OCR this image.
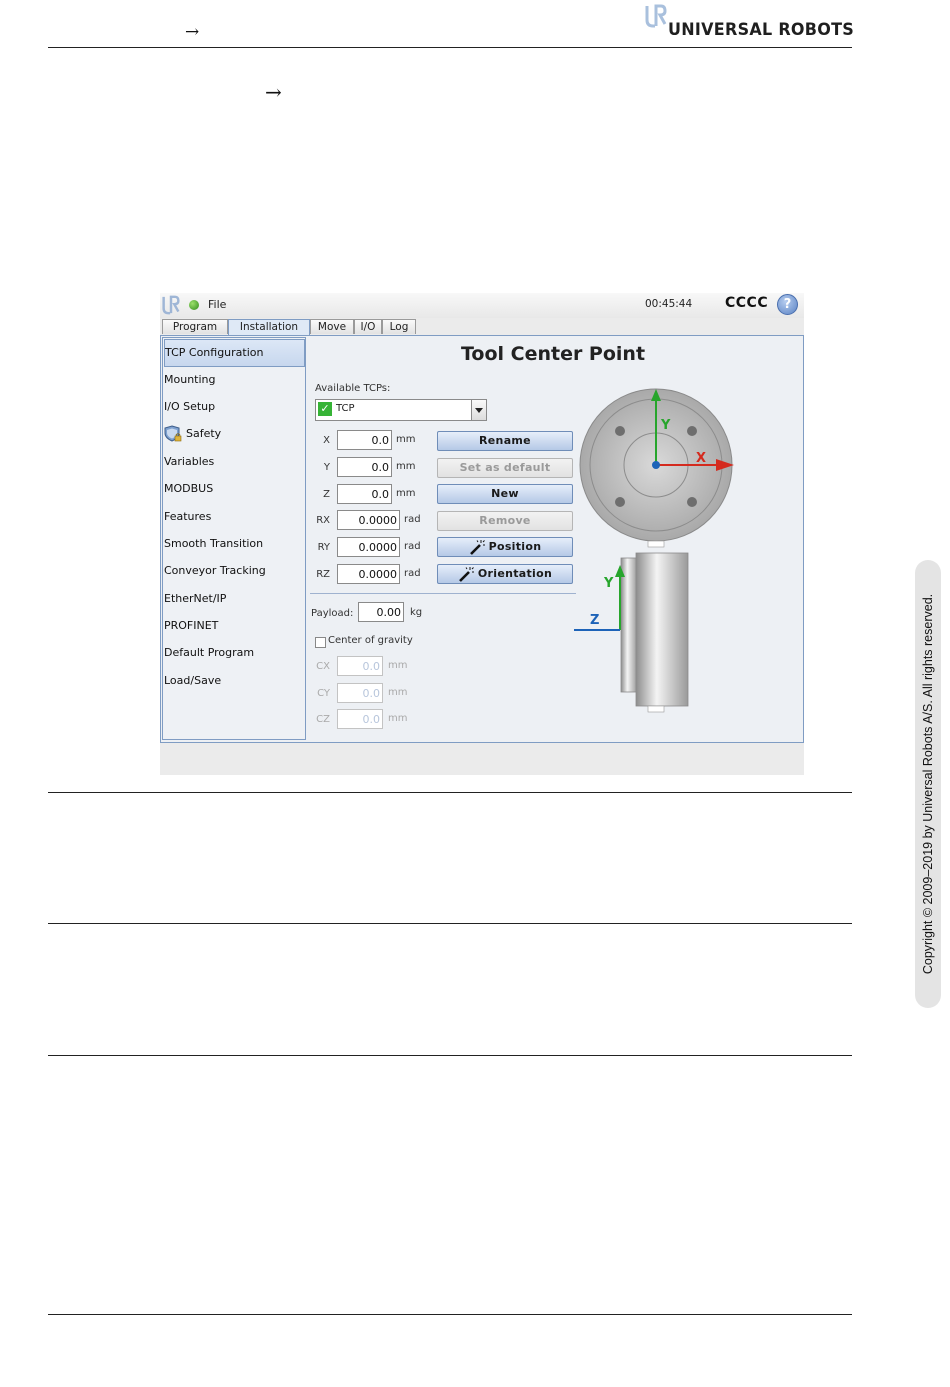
→	UNIVERSAL ROBOTS
→
Copyright © 2009–2019 by Universal Robots A/S. All rights reserved.
File	00:45:44 CCCC	?
Program	Installation	Move	I/O	Log
TCP Configuration
Mounting
I/O Setup
Safety
Variables
MODBUS
Features
Smooth Transition
Conveyor Tracking
EtherNet/IP
PROFINET
Default Program
Load/Save
Tool Center Point
Available TCPs:
✓ TCP
X	0.0 mm
Y	0.0 mm
Z	0.0 mm
RX	0.0000 rad
RY	0.0000 rad
RZ	0.0000 rad
Rename
Set as default
New
Remove
Position
Orientation
Payload:	0.00 kg
Center of gravity
CX	0.0 mm
CY	0.0 mm
CZ	0.0 mm
Y
X
Y
Z
